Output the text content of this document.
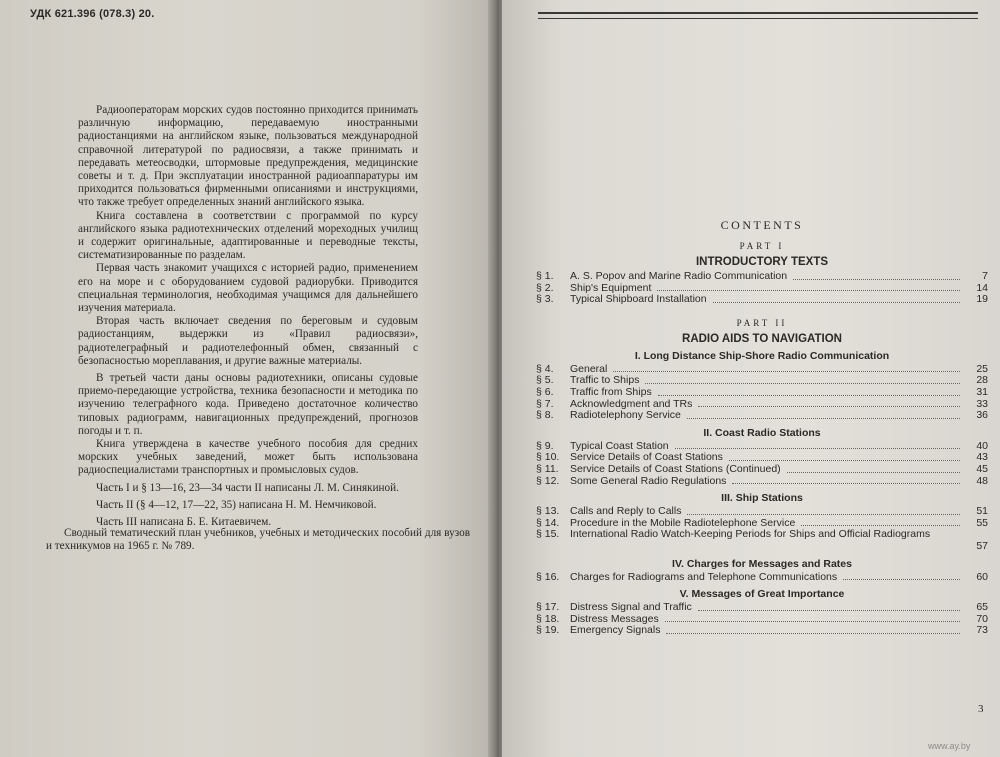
УДК 621.396 (078.3) 20.

Радиооператорам морских судов постоянно приходится принимать различную информацию, передаваемую иностранными радиостанциями на английском языке, пользоваться международной справочной литературой по радиосвязи, а также принимать и передавать метеосводки, штормовые предупреждения, медицинские советы и т. д. При эксплуатации иностранной радиоаппаратуры им приходится пользоваться фирменными описаниями и инструкциями, что также требует определенных знаний английского языка.

Книга составлена в соответствии с программой по курсу английского языка радиотехнических отделений мореходных училищ и содержит оригинальные, адаптированные и переводные тексты, систематизированные по разделам.

Первая часть знакомит учащихся с историей радио, применением его на море и с оборудованием судовой радиорубки. Приводится специальная терминология, необходимая учащимся для дальнейшего изучения материала.

Вторая часть включает сведения по береговым и судовым радиостанциям, выдержки из «Правил радиосвязи», радиотелеграфный и радиотелефонный обмен, связанный с безопасностью мореплавания, и другие важные материалы.

В третьей части даны основы радиотехники, описаны судовые приемо-передающие устройства, техника безопасности и методика по изучению телеграфного кода. Приведено достаточное количество типовых радиограмм, навигационных предупреждений, прогнозов погоды и т. п.

Книга утверждена в качестве учебного пособия для средних морских учебных заведений, может быть использована радиоспециалистами транспортных и промысловых судов.

Часть I и § 13—16, 23—34 части II написаны Л. М. Синякиной.

Часть II (§ 4—12, 17—22, 35) написана Н. М. Немчиковой.

Часть III написана Б. Е. Китаевичем.

Сводный тематический план учебников, учебных и методических пособий для вузов и техникумов на 1965 г. № 789.
CONTENTS
PART I
INTRODUCTORY TEXTS
§ 1.	A. S. Popov and Marine Radio Communication	7
§ 2.	Ship's Equipment	14
§ 3.	Typical Shipboard Installation	19
PART II
RADIO AIDS TO NAVIGATION
I. Long Distance Ship-Shore Radio Communication
§ 4.	General	25
§ 5.	Traffic to Ships	28
§ 6.	Traffic from Ships	31
§ 7.	Acknowledgment and TRs	33
§ 8.	Radiotelephony Service	36
II. Coast Radio Stations
§ 9.	Typical Coast Station	40
§ 10.	Service Details of Coast Stations	43
§ 11.	Service Details of Coast Stations (Continued)	45
§ 12.	Some General Radio Regulations	48
III. Ship Stations
§ 13.	Calls and Reply to Calls	51
§ 14.	Procedure in the Mobile Radiotelephone Service	55
§ 15.	International Radio Watch-Keeping Periods for Ships and Official Radiograms
57
IV. Charges for Messages and Rates
§ 16.	Charges for Radiograms and Telephone Communications	60
V. Messages of Great Importance
§ 17.	Distress Signal and Traffic	65
§ 18.	Distress Messages	70
§ 19.	Emergency Signals	73
3
www.ay.by
